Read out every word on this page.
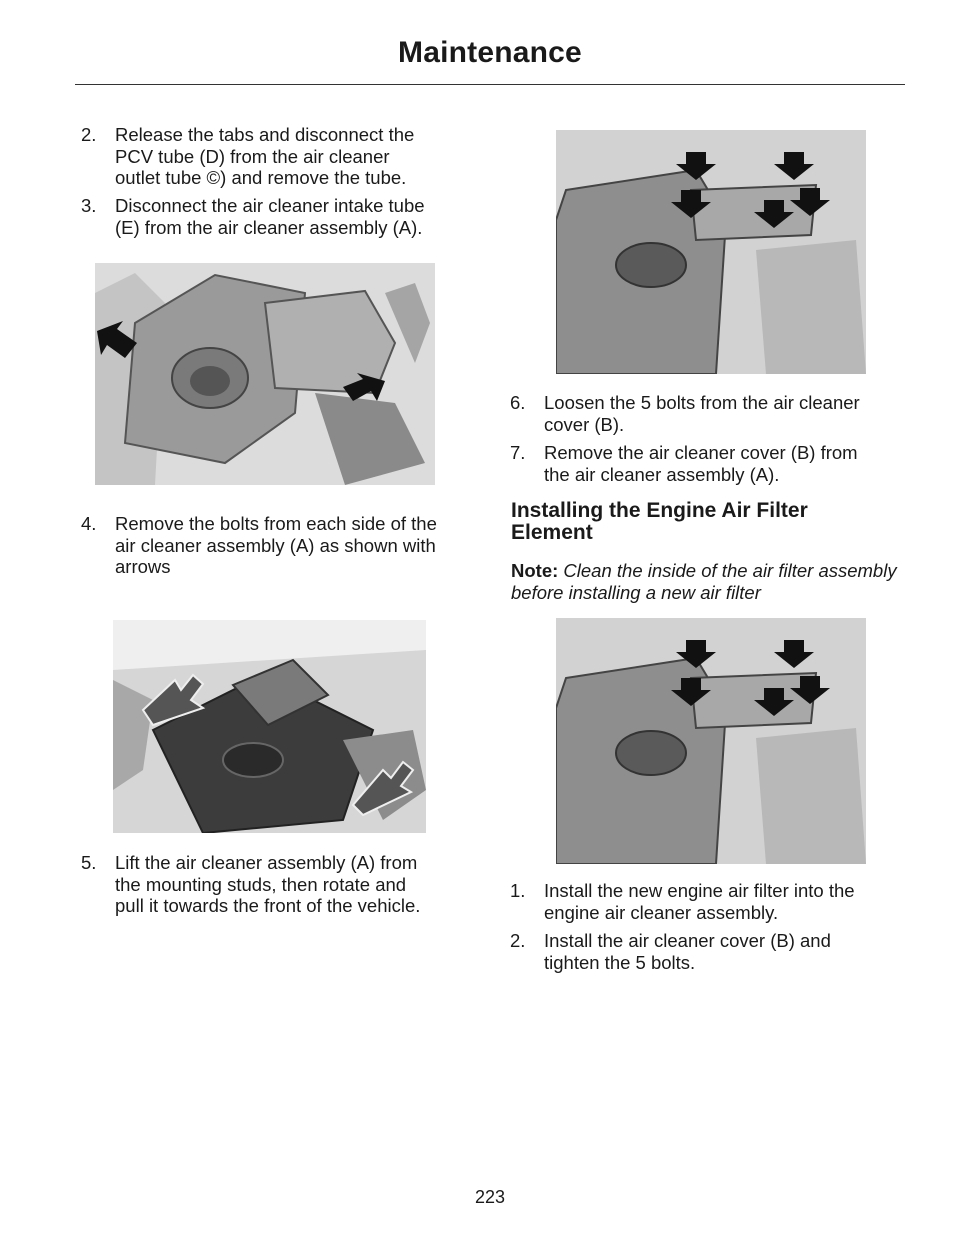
Maintenance
2. Release the tabs and disconnect the
PCV tube (D) from the air cleaner
outlet tube ©) and remove the tube.
3. Disconnect the air cleaner intake tube
(E) from the air cleaner assembly (A).
4. Remove the bolts from each side of the
air cleaner assembly (A) as shown with
arrows
5. Lift the air cleaner assembly (A) from
the mounting studs, then rotate and
pull it towards the front of the vehicle.
6. Loosen the 5 bolts from the air cleaner
cover (B).
7. Remove the air cleaner cover (B) from
the air cleaner assembly (A).
Installing the Engine Air Filter
Element
Note: Clean the inside of the air filter assembly before installing a new air filter
1. Install the new engine air filter into the
engine air cleaner assembly.
2. Install the air cleaner cover (B) and
tighten the 5 bolts.
223
